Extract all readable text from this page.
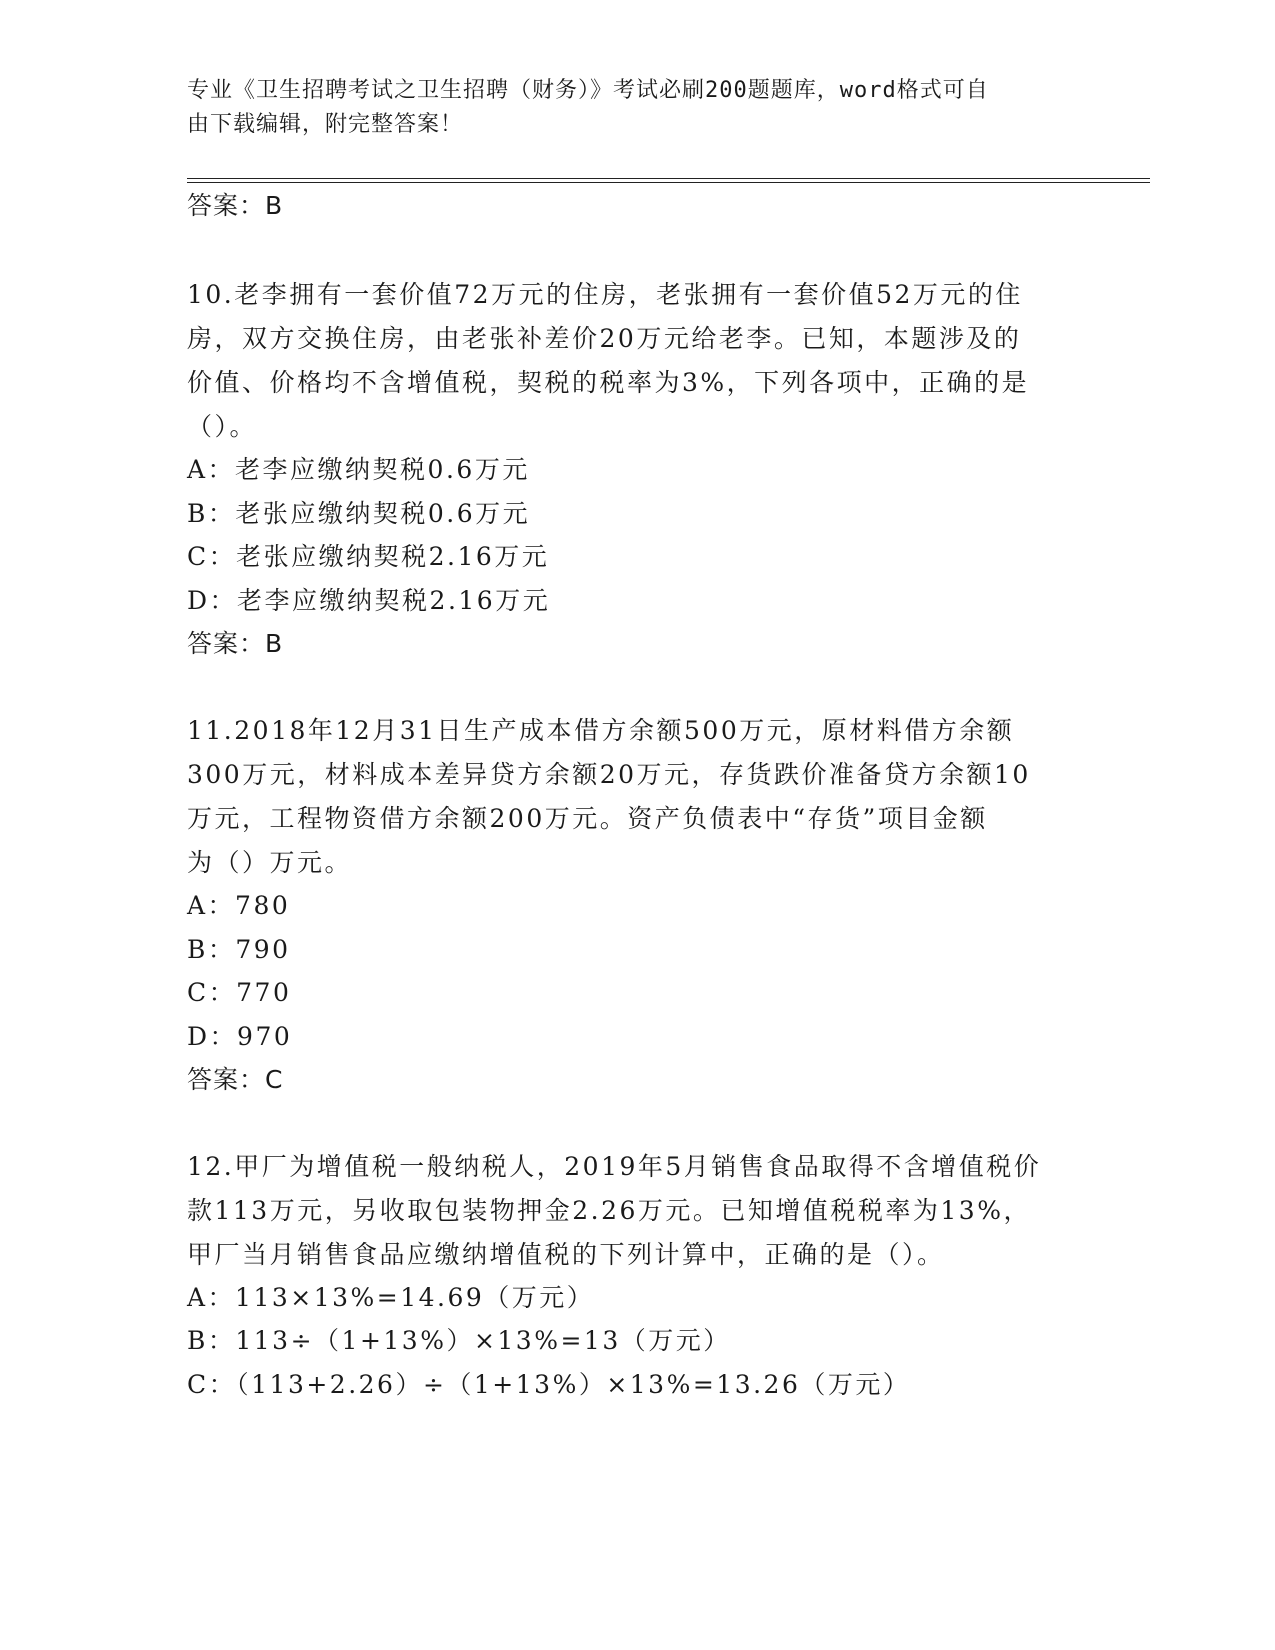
专业《卫生招聘考试之卫生招聘（财务）》考试必刷200题题库，word格式可自
由下载编辑，附完整答案！
答案：B
10.老李拥有一套价值72万元的住房，老张拥有一套价值52万元的住
房，双方交换住房，由老张补差价20万元给老李。已知，本题涉及的
价值、价格均不含增值税，契税的税率为3%，下列各项中，正确的是
（）。
A：老李应缴纳契税0.6万元
B：老张应缴纳契税0.6万元
C：老张应缴纳契税2.16万元
D：老李应缴纳契税2.16万元
答案：B
11.2018年12月31日生产成本借方余额500万元，原材料借方余额
300万元，材料成本差异贷方余额20万元，存货跌价准备贷方余额10
万元，工程物资借方余额200万元。资产负债表中“存货”项目金额
为（）万元。
A：780
B：790
C：770
D：970
答案：C
12.甲厂为增值税一般纳税人，2019年5月销售食品取得不含增值税价
款113万元，另收取包装物押金2.26万元。已知增值税税率为13%，
甲厂当月销售食品应缴纳增值税的下列计算中，正确的是（）。
A：113×13%=14.69（万元）
B：113÷（1+13%）×13%=13（万元）
C：（113+2.26）÷（1+13%）×13%=13.26（万元）
